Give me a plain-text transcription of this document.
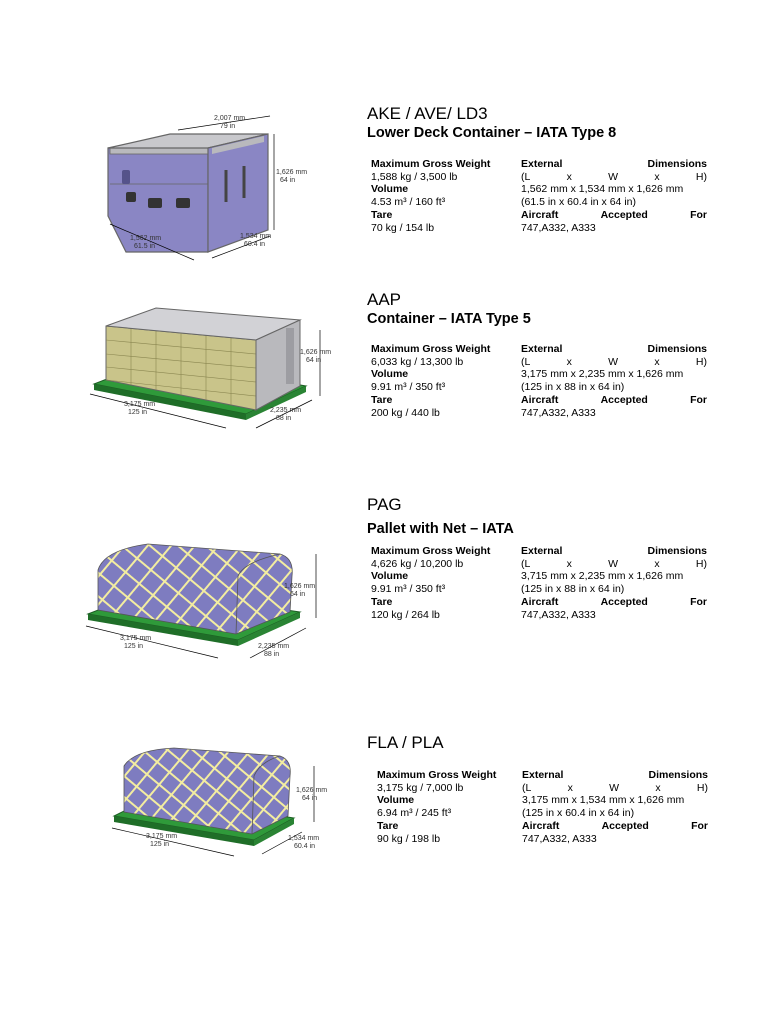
2,007 mm
79 in
1,626 mm
64 in
1,562 mm
61.5 in
1,534 mm
60.4 in
AKE / AVE/ LD3
Lower Deck Container – IATA Type 8
Maximum Gross Weight	External	Dimensions
1,588 kg / 3,500 lb	(L	x	W	x	H)
Volume	1,562 mm x 1,534 mm x 1,626 mm
4.53 m³ / 160 ft³	(61.5 in x 60.4 in x 64 in)
Tare	Aircraft	Accepted	For
70 kg / 154 lb	747,A332, A333
1,626 mm
64 in
3,175 mm
125 in	2,235 mm
88 in
AAP
Container – IATA Type 5
Maximum Gross Weight	External	Dimensions
6,033 kg / 13,300 lb	(L	x	W	x	H)
Volume	3,175 mm x 2,235 mm x 1,626 mm
9.91 m³ / 350 ft³	(125 in x 88 in x 64 in)
Tare	Aircraft	Accepted	For
200 kg / 440 lb	747,A332, A333
1,626 mm
64 in
3,175 mm
125 in	2,235 mm
88 in
PAG
Pallet with Net – IATA
Maximum Gross Weight	External	Dimensions
4,626 kg / 10,200 lb	(L	x	W	x	H)
Volume	3,715 mm x 2,235 mm x 1,626 mm
9.91 m³ / 350 ft³	(125 in x 88 in x 64 in)
Tare	Aircraft	Accepted	For
120 kg / 264 lb	747,A332, A333
1,626 mm
64 in
3,175 mm
125 in
1,534 mm
60.4 in
FLA / PLA
Maximum Gross Weight	External	Dimensions
3,175 kg / 7,000 lb	(L	x	W	x	H)
Volume	3,175 mm x 1,534 mm x 1,626 mm
6.94 m³ / 245 ft³	(125 in x 60.4 in x 64 in)
Tare	Aircraft	Accepted	For
90 kg / 198 lb	747,A332, A333
